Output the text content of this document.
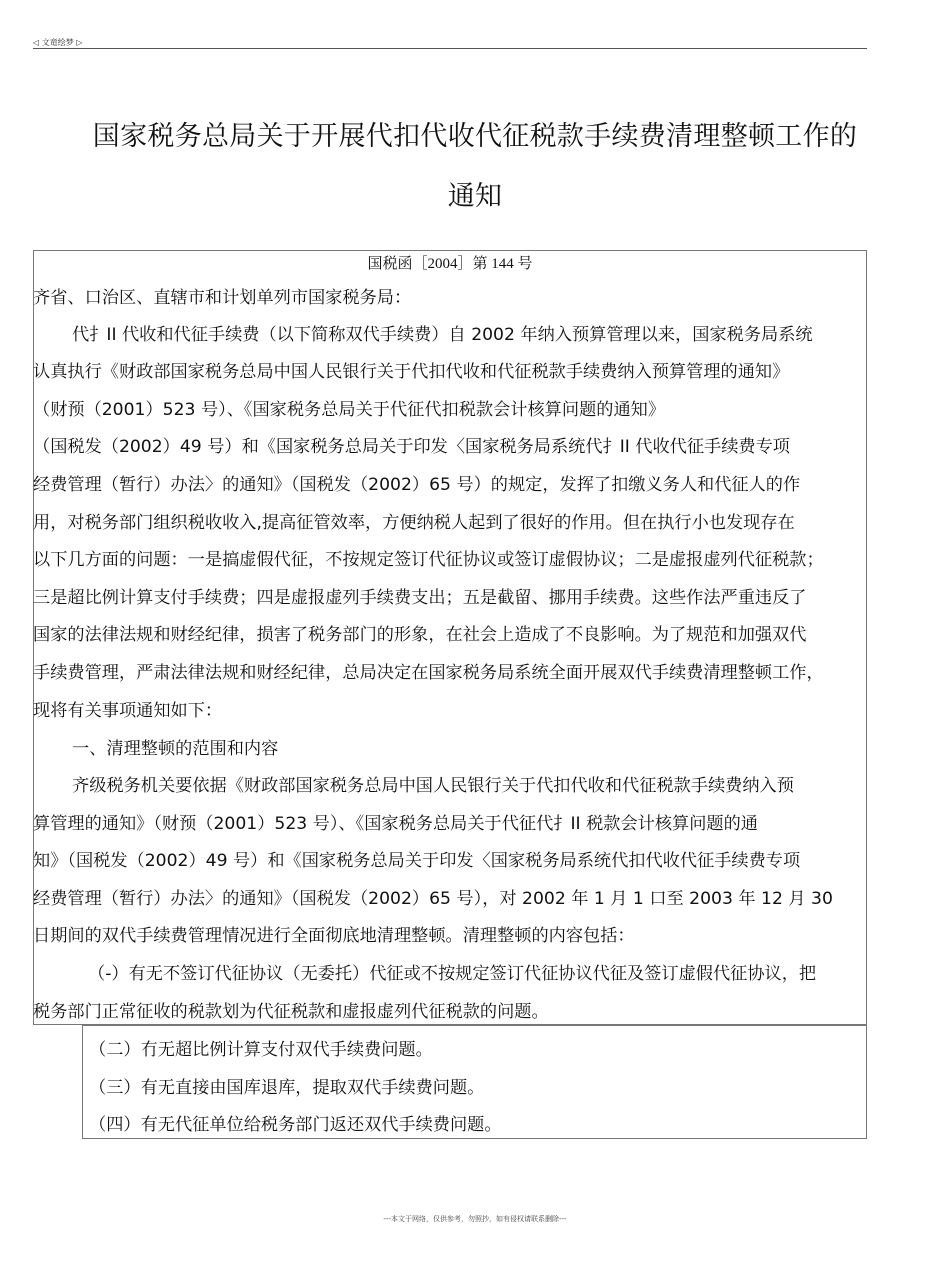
◁ 文竜绘梦 ▷
国家税务总局关于开展代扣代收代征税款手续费清理整顿工作的
通知
国税函［2004］第 144 号
齐省、口治区、直辖市和计划单列市国家税务局：
代扌II 代收和代征手续费（以下简称双代手续费）自 2002 年纳入预算管理以来，国家税务局系统
认真执行《财政部国家税务总局中国人民银行关于代扣代收和代征税款手续费纳入预算管理的通知》
（财预（2001）523 号）、《国家税务总局关于代征代扣税款会计核算问题的通知》
（国税发（2002）49 号）和《国家税务总局关于印发〈国家税务局系统代扌II 代收代征手续费专项
经费管理（暂行）办法〉的通知》（国税发（2002）65 号）的规定，发挥了扣缴义务人和代征人的作
用，对税务部门组织税收收入,提高征管效率，方便纳税人起到了很好的作用。但在执行小也发现存在
以下几方面的问题：一是搞虚假代征，不按规定签订代征协议或签订虚假协议；二是虚报虚列代征税款；
三是超比例计算支付手续费；四是虚报虚列手续费支出；五是截留、挪用手续费。这些作法严重违反了
国家的法律法规和财经纪律，损害了税务部门的形象，在社会上造成了不良影响。为了规范和加强双代
手续费管理，严肃法律法规和财经纪律，总局决定在国家税务局系统全面开展双代手续费清理整顿工作，
现将有关事项通知如下：
一、清理整顿的范围和内容
齐级税务机关要依据《财政部国家税务总局中国人民银行关于代扣代收和代征税款手续费纳入预
算管理的通知》（财预（2001）523 号）、《国家税务总局关于代征代扌II 税款会计核算问题的通
知》（国税发（2002）49 号）和《国家税务总局关于印发〈国家税务局系统代扣代收代征手续费专项
经费管理（暂行）办法〉的通知》（国税发（2002）65 号），对 2002 年 1 月 1 口至 2003 年 12 月 30
日期间的双代手续费管理情况进行全面彻底地清理整顿。清理整顿的内容包括：
（-）有无不签订代征协议（无委托）代征或不按规定签订代征协议代征及签订虚假代征协议，把
税务部门正常征收的税款划为代征税款和虚报虚列代征税款的问题。
（二）冇无超比例计算支付双代手续费问题。
（三）有无直接由国库退库，提取双代手续费问题。
（四）有无代征单位给税务部门返还双代手续费问题。
---本文于网络，仅供参考，勿照抄，如有侵权请联系删除---
